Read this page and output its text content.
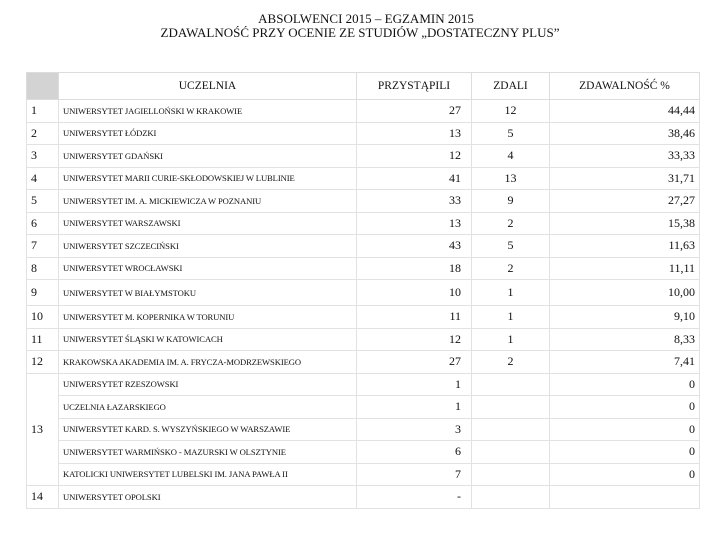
ABSOLWENCI 2015 – EGZAMIN 2015
ZDAWALNOŚĆ PRZY OCENIE ZE STUDIÓW „DOSTATECZNY PLUS”
	UCZELNIA	PRZYSTĄPILI	ZDALI	ZDAWALNOŚĆ %
1	UNIWERSYTET JAGIELLOŃSKI W KRAKOWIE	27	12	44,44
2	UNIWERSYTET ŁÓDZKI	13	5	38,46
3	UNIWERSYTET GDAŃSKI	12	4	33,33
4	UNIWERSYTET MARII CURIE-SKŁODOWSKIEJ W LUBLINIE	41	13	31,71
5	UNIWERSYTET IM. A. MICKIEWICZA W POZNANIU	33	9	27,27
6	UNIWERSYTET WARSZAWSKI	13	2	15,38
7	UNIWERSYTET SZCZECIŃSKI	43	5	11,63
8	UNIWERSYTET WROCŁAWSKI	18	2	11,11
9	UNIWERSYTET W BIAŁYMSTOKU	10	1	10,00
10	UNIWERSYTET M. KOPERNIKA W TORUNIU	11	1	9,10
11	UNIWERSYTET ŚLĄSKI W KATOWICACH	12	1	8,33
12	KRAKOWSKA AKADEMIA IM. A. FRYCZA-MODRZEWSKIEGO	27	2	7,41
13	UNIWERSYTET RZESZOWSKI	1		0
	UCZELNIA ŁAZARSKIEGO	1		0
	UNIWERSYTET KARD. S. WYSZYŃSKIEGO W WARSZAWIE	3		0
	UNIWERSYTET WARMIŃSKO - MAZURSKI W OLSZTYNIE	6		0
	KATOLICKI UNIWERSYTET LUBELSKI IM. JANA PAWŁA II	7		0
14	UNIWERSYTET OPOLSKI	-		
